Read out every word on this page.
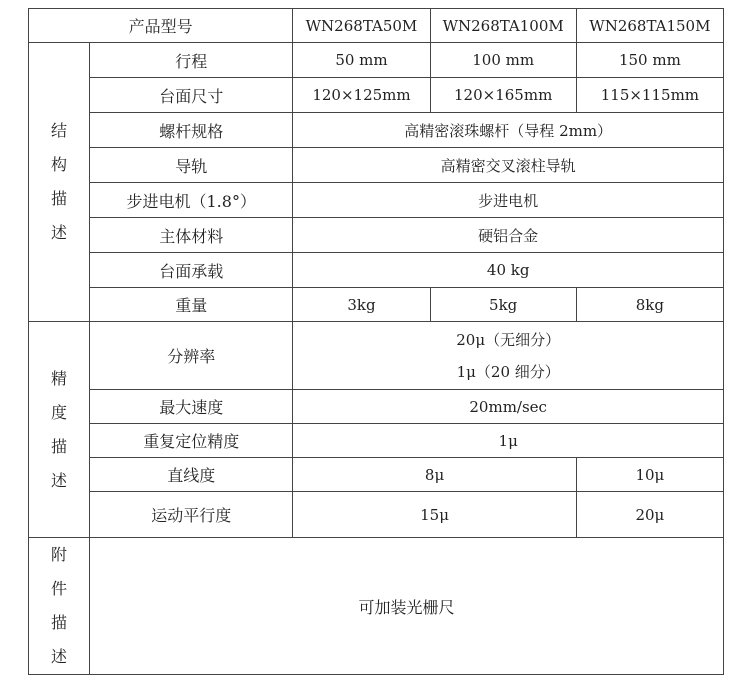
产品型号		WN268TA50M	WN268TA100M	WN268TA150M

结
构
描
述	行程	50 mm	100 mm	150 mm
	台面尺寸	120×125mm	120×165mm	115×115mm
	螺杆规格	高精密滚珠螺杆（导程 2mm）		
	导轨	高精密交叉滚柱导轨		
	步进电机（1.8°）	步进电机		
	主体材料	硬铝合金		
	台面承载	40 kg		
	重量	3kg	5kg	8kg

精
度
描
述	分辨率	20μ（无细分）
1μ（20 细分）		

	最大速度	20mm/sec		
	重复定位精度	1μ		
	直线度	8μ		10μ
	运动平行度	15μ		20μ

附
件
描
述	可加装光栅尺			
